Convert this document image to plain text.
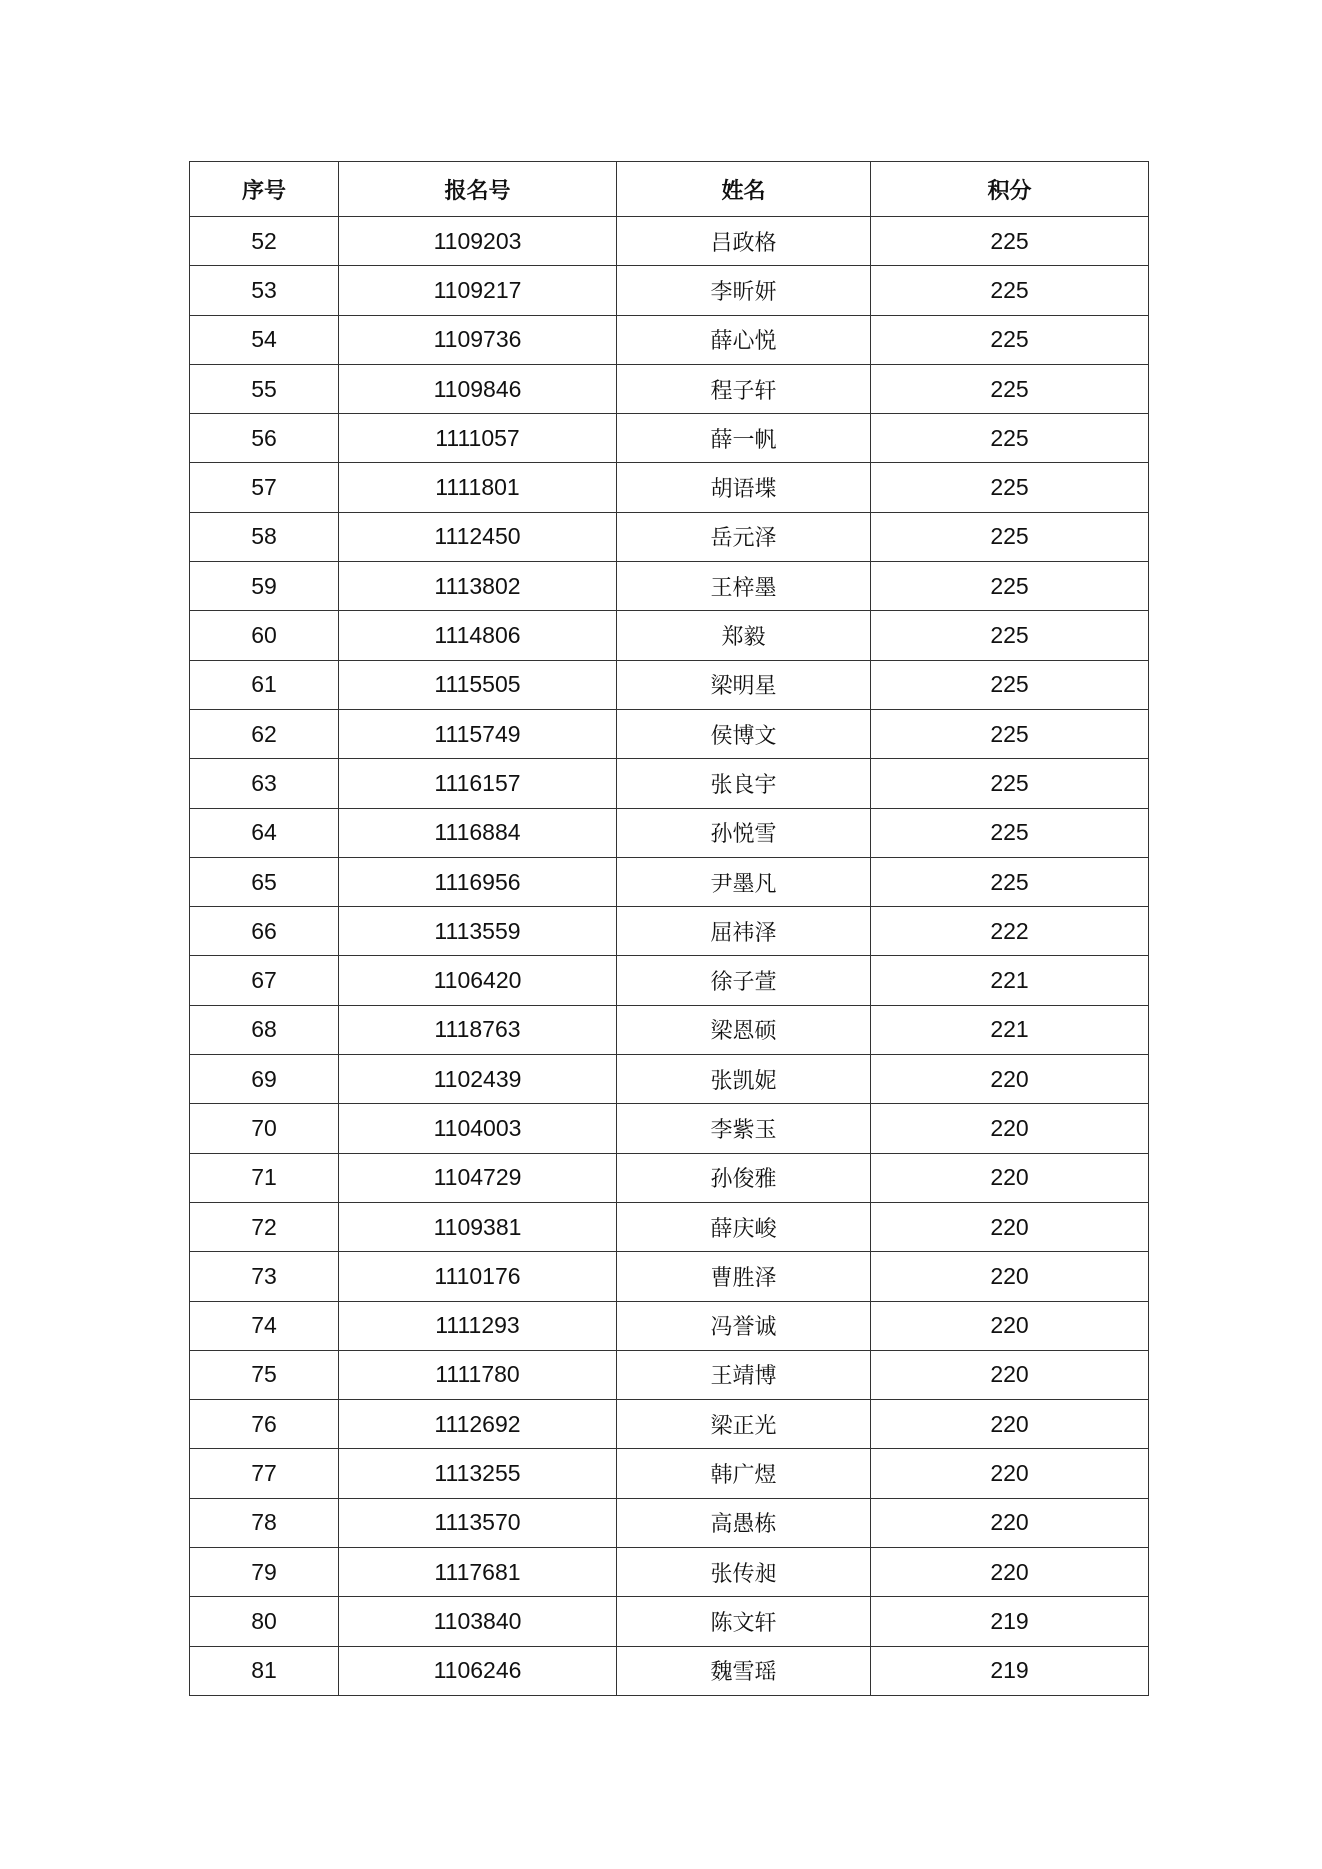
序号	报名号	姓名	积分
52	1109203	吕政格	225
53	1109217	李昕妍	225
54	1109736	薛心悦	225
55	1109846	程子轩	225
56	1111057	薛一帆	225
57	1111801	胡语堞	225
58	1112450	岳元泽	225
59	1113802	王梓墨	225
60	1114806	郑毅	225
61	1115505	梁明星	225
62	1115749	侯博文	225
63	1116157	张良宇	225
64	1116884	孙悦雪	225
65	1116956	尹墨凡	225
66	1113559	屈祎泽	222
67	1106420	徐子萱	221
68	1118763	梁恩硕	221
69	1102439	张凯妮	220
70	1104003	李紫玉	220
71	1104729	孙俊雅	220
72	1109381	薛庆峻	220
73	1110176	曹胜泽	220
74	1111293	冯誉诚	220
75	1111780	王靖博	220
76	1112692	梁正光	220
77	1113255	韩广煜	220
78	1113570	高愚栋	220
79	1117681	张传昶	220
80	1103840	陈文轩	219
81	1106246	魏雪瑶	219
